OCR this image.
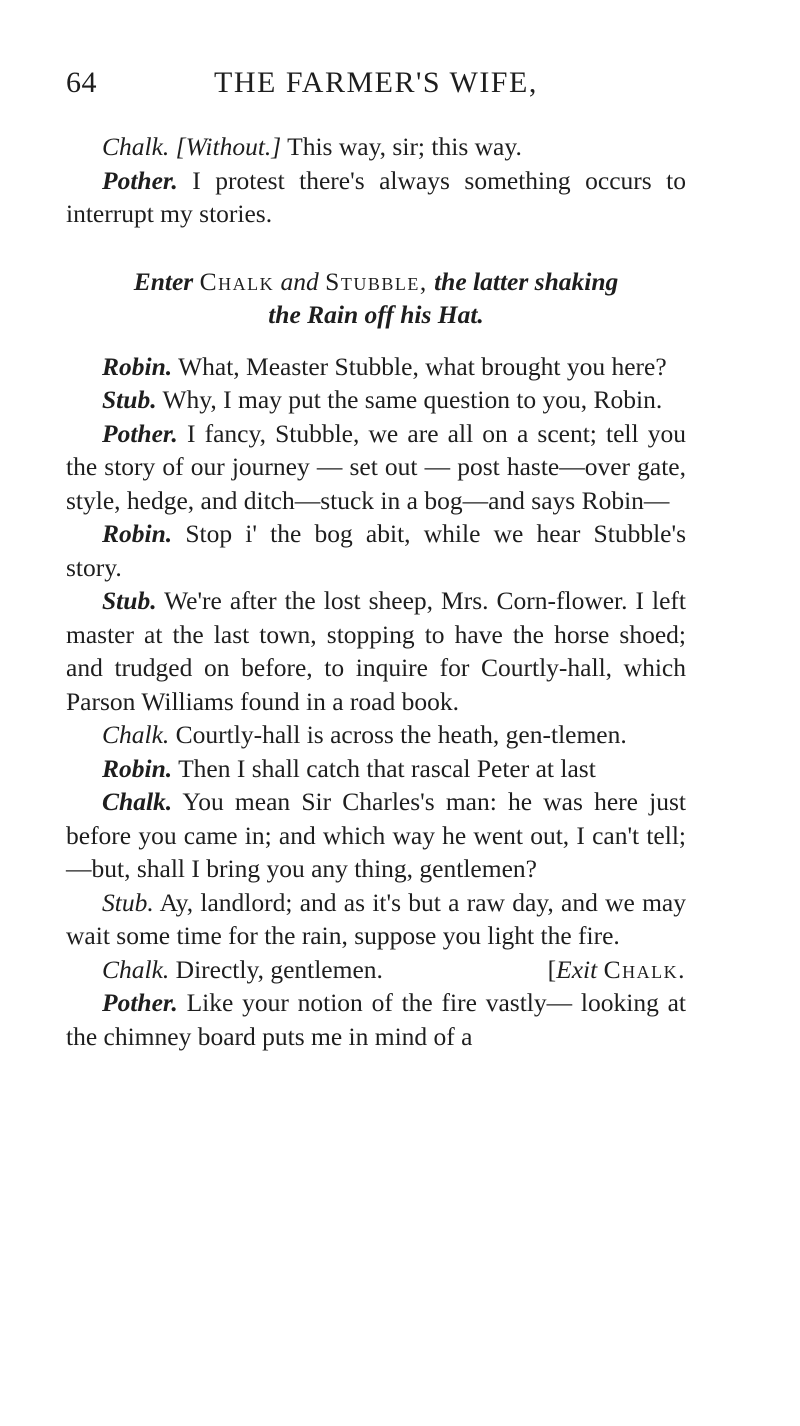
64	THE FARMER'S WIFE,

Chalk. [Without.] This way, sir; this way.

Pother. I protest there's always something occurs to interrupt my stories.

Enter Chalk and Stubble, the latter shaking
the Rain off his Hat.

Robin. What, Measter Stubble, what brought you here?

Stub. Why, I may put the same question to you, Robin.

Pother. I fancy, Stubble, we are all on a scent; tell you the story of our journey — set out — post haste—over gate, style, hedge, and ditch—stuck in a bog—and says Robin—

Robin. Stop i' the bog abit, while we hear Stubble's story.

Stub. We're after the lost sheep, Mrs. Corn-flower. I left master at the last town, stopping to have the horse shoed; and trudged on before, to inquire for Courtly-hall, which Parson Williams found in a road book.

Chalk. Courtly-hall is across the heath, gen-tlemen.

Robin. Then I shall catch that rascal Peter at last

Chalk. You mean Sir Charles's man: he was here just before you came in; and which way he went out, I can't tell;—but, shall I bring you any thing, gentlemen?

Stub. Ay, landlord; and as it's but a raw day, and we may wait some time for the rain, suppose you light the fire.

Chalk. Directly, gentlemen.	[Exit Chalk.

Pother. Like your notion of the fire vastly— looking at the chimney board puts me in mind of a
